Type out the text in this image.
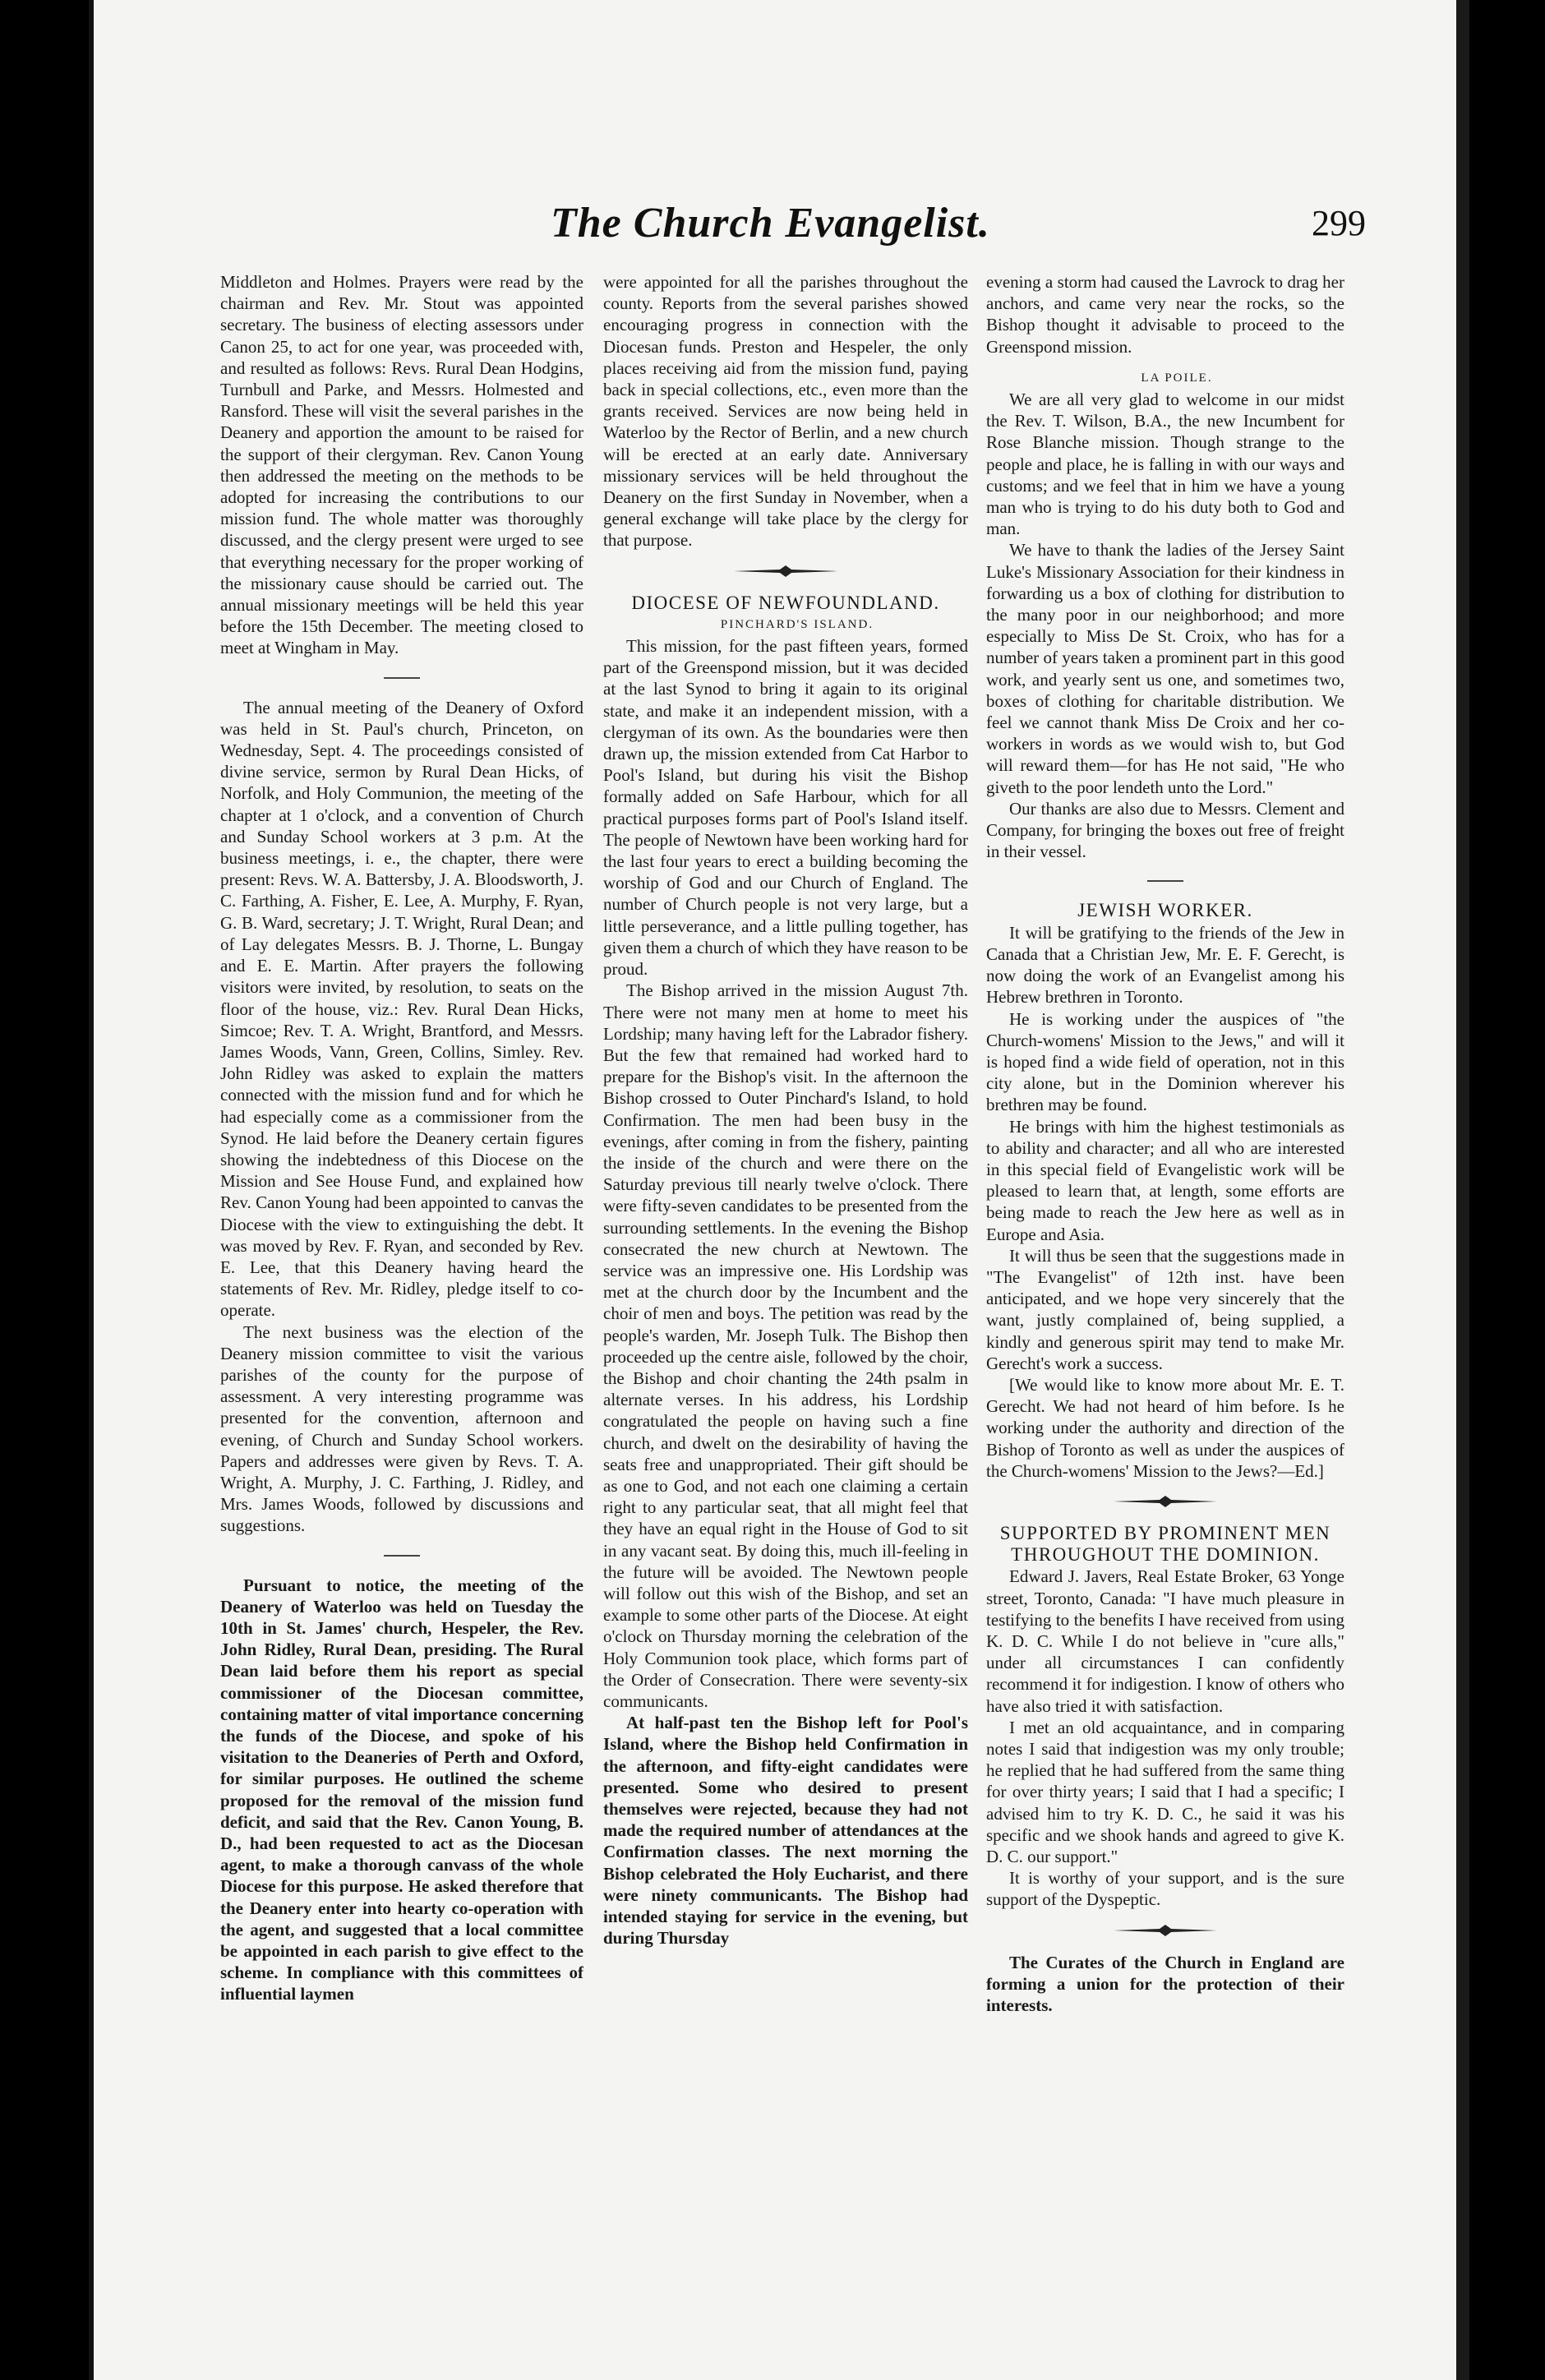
The Church Evangelist.	299

Middleton and Holmes. Prayers were read by the chairman and Rev. Mr. Stout was appointed secretary. The business of electing assessors under Canon 25, to act for one year, was proceeded with, and resulted as follows: Revs. Rural Dean Hodgins, Turnbull and Parke, and Messrs. Holmested and Ransford. These will visit the several parishes in the Deanery and apportion the amount to be raised for the support of their clergyman. Rev. Canon Young then addressed the meeting on the methods to be adopted for increasing the contributions to our mission fund. The whole matter was thoroughly discussed, and the clergy present were urged to see that everything necessary for the proper working of the missionary cause should be carried out. The annual missionary meetings will be held this year before the 15th December. The meeting closed to meet at Wingham in May.

The annual meeting of the Deanery of Oxford was held in St. Paul's church, Princeton, on Wednesday, Sept. 4. The proceedings consisted of divine service, sermon by Rural Dean Hicks, of Norfolk, and Holy Communion, the meeting of the chapter at 1 o'clock, and a convention of Church and Sunday School workers at 3 p.m. At the business meetings, i. e., the chapter, there were present: Revs. W. A. Battersby, J. A. Bloodsworth, J. C. Farthing, A. Fisher, E. Lee, A. Murphy, F. Ryan, G. B. Ward, secretary; J. T. Wright, Rural Dean; and of Lay delegates Messrs. B. J. Thorne, L. Bungay and E. E. Martin. After prayers the following visitors were invited, by resolution, to seats on the floor of the house, viz.: Rev. Rural Dean Hicks, Simcoe; Rev. T. A. Wright, Brantford, and Messrs. James Woods, Vann, Green, Collins, Simley. Rev. John Ridley was asked to explain the matters connected with the mission fund and for which he had especially come as a commissioner from the Synod. He laid before the Deanery certain figures showing the indebtedness of this Diocese on the Mission and See House Fund, and explained how Rev. Canon Young had been appointed to canvas the Diocese with the view to extinguishing the debt. It was moved by Rev. F. Ryan, and seconded by Rev. E. Lee, that this Deanery having heard the statements of Rev. Mr. Ridley, pledge itself to co-operate.

The next business was the election of the Deanery mission committee to visit the various parishes of the county for the purpose of assessment. A very interesting programme was presented for the convention, afternoon and evening, of Church and Sunday School workers. Papers and addresses were given by Revs. T. A. Wright, A. Murphy, J. C. Farthing, J. Ridley, and Mrs. James Woods, followed by discussions and suggestions.

Pursuant to notice, the meeting of the Deanery of Waterloo was held on Tuesday the 10th in St. James' church, Hespeler, the Rev. John Ridley, Rural Dean, presiding. The Rural Dean laid before them his report as special commissioner of the Diocesan committee, containing matter of vital importance concerning the funds of the Diocese, and spoke of his visitation to the Deaneries of Perth and Oxford, for similar purposes. He outlined the scheme proposed for the removal of the mission fund deficit, and said that the Rev. Canon Young, B. D., had been requested to act as the Diocesan agent, to make a thorough canvass of the whole Diocese for this purpose. He asked therefore that the Deanery enter into hearty co-operation with the agent, and suggested that a local committee be appointed in each parish to give effect to the scheme. In compliance with this committees of influential laymen

were appointed for all the parishes throughout the county. Reports from the several parishes showed encouraging progress in connection with the Diocesan funds. Preston and Hespeler, the only places receiving aid from the mission fund, paying back in special collections, etc., even more than the grants received. Services are now being held in Waterloo by the Rector of Berlin, and a new church will be erected at an early date. Anniversary missionary services will be held throughout the Deanery on the first Sunday in November, when a general exchange will take place by the clergy for that purpose.

DIOCESE OF NEWFOUNDLAND.

PINCHARD'S ISLAND.

This mission, for the past fifteen years, formed part of the Greenspond mission, but it was decided at the last Synod to bring it again to its original state, and make it an independent mission, with a clergyman of its own. As the boundaries were then drawn up, the mission extended from Cat Harbor to Pool's Island, but during his visit the Bishop formally added on Safe Harbour, which for all practical purposes forms part of Pool's Island itself. The people of Newtown have been working hard for the last four years to erect a building becoming the worship of God and our Church of England. The number of Church people is not very large, but a little perseverance, and a little pulling together, has given them a church of which they have reason to be proud.

The Bishop arrived in the mission August 7th. There were not many men at home to meet his Lordship; many having left for the Labrador fishery. But the few that remained had worked hard to prepare for the Bishop's visit. In the afternoon the Bishop crossed to Outer Pinchard's Island, to hold Confirmation. The men had been busy in the evenings, after coming in from the fishery, painting the inside of the church and were there on the Saturday previous till nearly twelve o'clock. There were fifty-seven candidates to be presented from the surrounding settlements. In the evening the Bishop consecrated the new church at Newtown. The service was an impressive one. His Lordship was met at the church door by the Incumbent and the choir of men and boys. The petition was read by the people's warden, Mr. Joseph Tulk. The Bishop then proceeded up the centre aisle, followed by the choir, the Bishop and choir chanting the 24th psalm in alternate verses. In his address, his Lordship congratulated the people on having such a fine church, and dwelt on the desirability of having the seats free and unappropriated. Their gift should be as one to God, and not each one claiming a certain right to any particular seat, that all might feel that they have an equal right in the House of God to sit in any vacant seat. By doing this, much ill-feeling in the future will be avoided. The Newtown people will follow out this wish of the Bishop, and set an example to some other parts of the Diocese. At eight o'clock on Thursday morning the celebration of the Holy Communion took place, which forms part of the Order of Consecration. There were seventy-six communicants.

At half-past ten the Bishop left for Pool's Island, where the Bishop held Confirmation in the afternoon, and fifty-eight candidates were presented. Some who desired to present themselves were rejected, because they had not made the required number of attendances at the Confirmation classes. The next morning the Bishop celebrated the Holy Eucharist, and there were ninety communicants. The Bishop had intended staying for service in the evening, but during Thursday

evening a storm had caused the Lavrock to drag her anchors, and came very near the rocks, so the Bishop thought it advisable to proceed to the Greenspond mission.

LA POILE.

We are all very glad to welcome in our midst the Rev. T. Wilson, B.A., the new Incumbent for Rose Blanche mission. Though strange to the people and place, he is falling in with our ways and customs; and we feel that in him we have a young man who is trying to do his duty both to God and man.

We have to thank the ladies of the Jersey Saint Luke's Missionary Association for their kindness in forwarding us a box of clothing for distribution to the many poor in our neighborhood; and more especially to Miss De St. Croix, who has for a number of years taken a prominent part in this good work, and yearly sent us one, and sometimes two, boxes of clothing for charitable distribution. We feel we cannot thank Miss De Croix and her co-workers in words as we would wish to, but God will reward them—for has He not said, "He who giveth to the poor lendeth unto the Lord."

Our thanks are also due to Messrs. Clement and Company, for bringing the boxes out free of freight in their vessel.

JEWISH WORKER.

It will be gratifying to the friends of the Jew in Canada that a Christian Jew, Mr. E. F. Gerecht, is now doing the work of an Evangelist among his Hebrew brethren in Toronto.

He is working under the auspices of "the Church-womens' Mission to the Jews," and will it is hoped find a wide field of operation, not in this city alone, but in the Dominion wherever his brethren may be found.

He brings with him the highest testimonials as to ability and character; and all who are interested in this special field of Evangelistic work will be pleased to learn that, at length, some efforts are being made to reach the Jew here as well as in Europe and Asia.

It will thus be seen that the suggestions made in "The Evangelist" of 12th inst. have been anticipated, and we hope very sincerely that the want, justly complained of, being supplied, a kindly and generous spirit may tend to make Mr. Gerecht's work a success.

[We would like to know more about Mr. E. T. Gerecht. We had not heard of him before. Is he working under the authority and direction of the Bishop of Toronto as well as under the auspices of the Church-womens' Mission to the Jews?—Ed.]

SUPPORTED BY PROMINENT MEN THROUGHOUT THE DOMINION.

Edward J. Javers, Real Estate Broker, 63 Yonge street, Toronto, Canada: "I have much pleasure in testifying to the benefits I have received from using K. D. C. While I do not believe in "cure alls," under all circumstances I can confidently recommend it for indigestion. I know of others who have also tried it with satisfaction.

I met an old acquaintance, and in comparing notes I said that indigestion was my only trouble; he replied that he had suffered from the same thing for over thirty years; I said that I had a specific; I advised him to try K. D. C., he said it was his specific and we shook hands and agreed to give K. D. C. our support."

It is worthy of your support, and is the sure support of the Dyspeptic.

The Curates of the Church in England are forming a union for the protection of their interests.
